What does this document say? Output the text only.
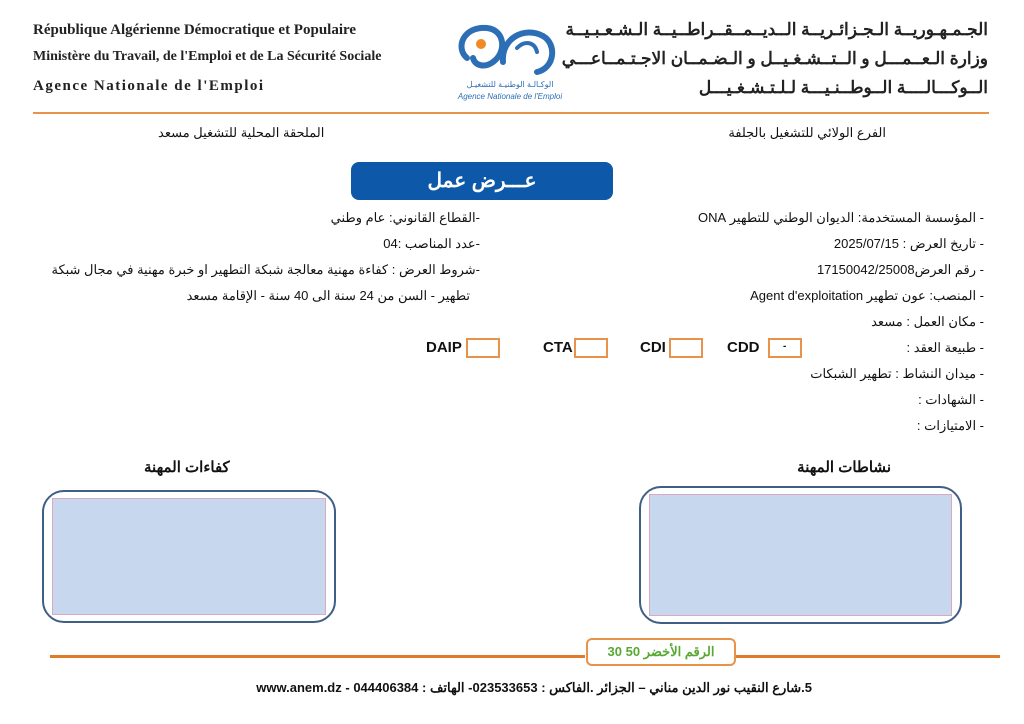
République Algérienne Démocratique et Populaire
Ministère du Travail, de l'Emploi et de La Sécurité Sociale
Agence Nationale de l'Emploi	الوكـالـة الوطنيـة للتشغيـل
Agence Nationale de l'Emploi
الجـمـهـوريــة الـجـزائـريــة الــديــمــقــراطــيــة الـشـعـبـيــة
وزارة الـعــمـــل و الــتــشـغـيــل و الـضـمــان الاجـتـمــاعـــي
الــوكـــالــــة الــوطــنـيـــة لـلـتـشـغـيـــل
الفرع الولائي للتشغيل بالجلفة
الملحقة المحلية للتشغيل مسعد
عـــرض عمل
- المؤسسة المستخدمة: الديوان الوطني للتطهير ONA
- تاريخ العرض : 2025/07/15
- رقم العرض17150042/25008
- المنصب: عون تطهير Agent d'exploitation
- مكان العمل : مسعد
- طبيعة العقد :
- ميدان النشاط : تطهير الشبكات
- الشهادات :
- الامتيازات :
-القطاع القانوني: عام وطني
-عدد المناصب :04
-شروط العرض : كفاءة مهنية معالجة شبكة التطهير او خبرة مهنية في مجال شبكة
تطهير - السن من 24 سنة الى 40 سنة - الإقامة مسعد
DAIP	CTA	CDI	CDD -
نشاطات المهنة
كفاءات المهنة
الرقم الأخضر 50 30
5.شارع النقيب نور الدين مناني – الجزائر .الفاكس : 023533653- الهاتف : 044406384 - www.anem.dz
